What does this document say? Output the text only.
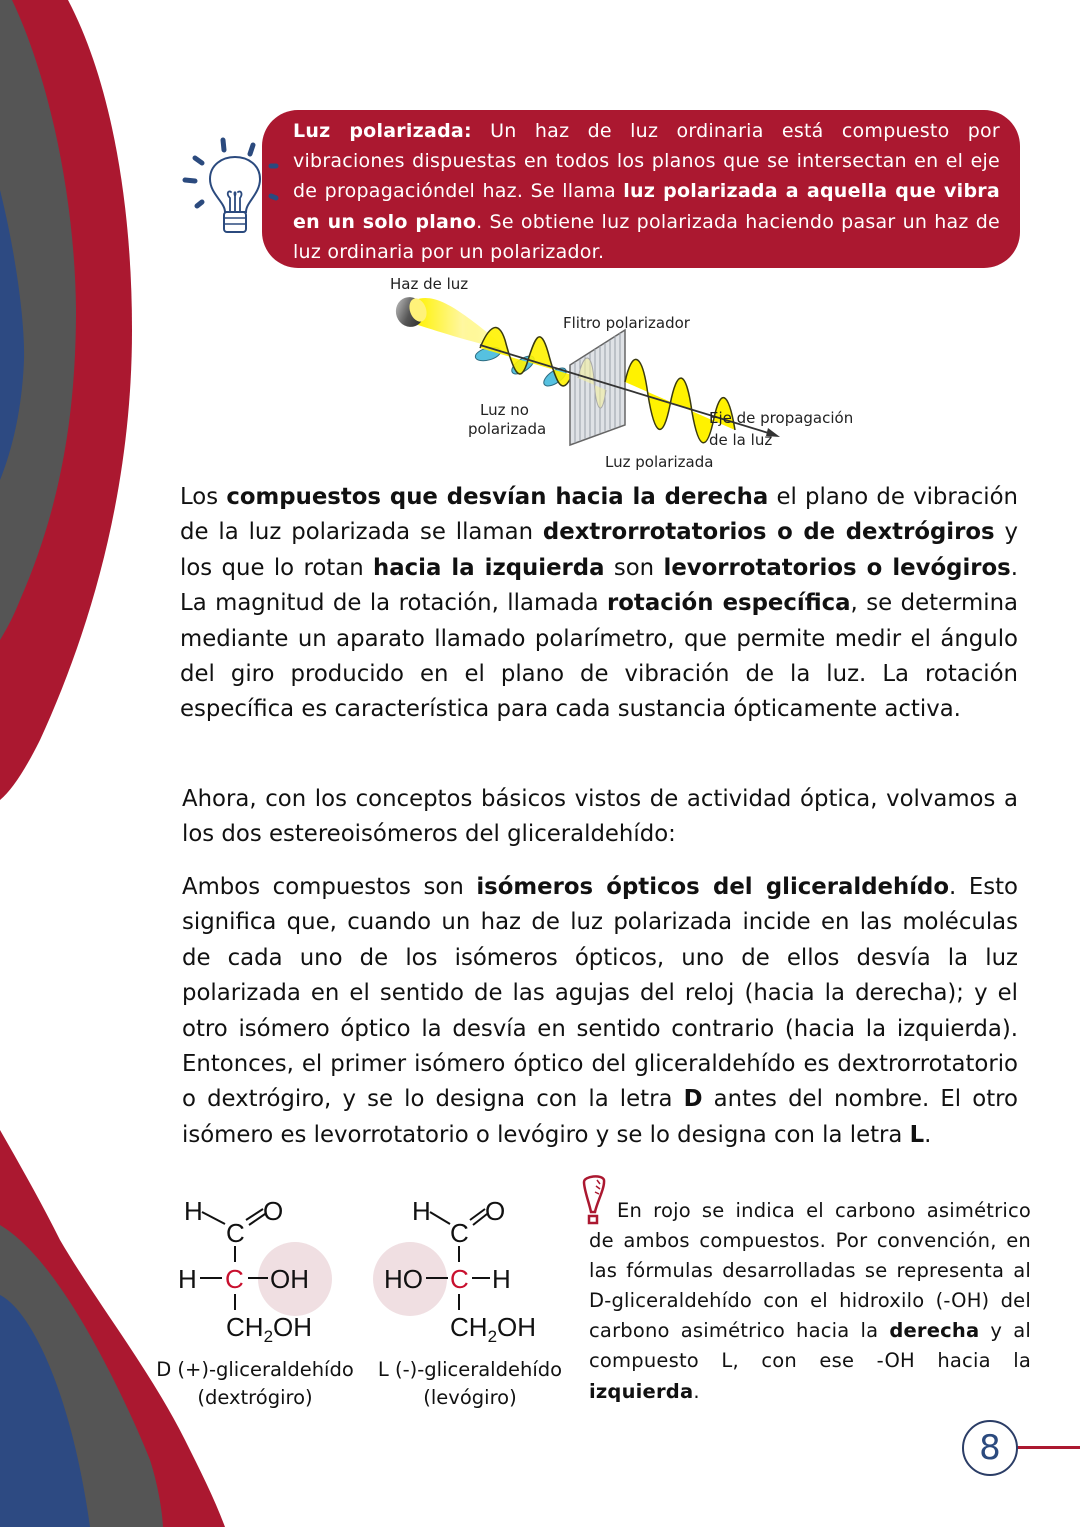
Luz polarizada: Un haz de luz ordinaria está compuesto por vibraciones dispuestas en todos los planos que se intersectan en el eje de propagacióndel haz. Se llama luz polarizada a aquella que vibra en un solo plano. Se obtiene luz polarizada haciendo pasar un haz de luz ordinaria por un polarizador.

Haz de luz
Flitro polarizador
Luz no
polarizada
Eje de propagación
de la luz
Luz polarizada

Los compuestos que desvían hacia la derecha el plano de vibración de la luz polarizada se llaman dextrorrotatorios o de dextrógiros y los que lo rotan hacia la izquierda son levorrotatorios o levógiros. La magnitud de la rotación, llamada rotación específica, se determina mediante un aparato llamado polarímetro, que permite medir el ángulo del giro producido en el plano de vibración de la luz. La rotación específica es característica para cada sustancia ópticamente activa.

Ahora, con los conceptos básicos vistos de actividad óptica, volvamos a los dos estereoisómeros del gliceraldehído:

Ambos compuestos son isómeros ópticos del gliceraldehído. Esto significa que, cuando un haz de luz polarizada incide en las moléculas de cada uno de los isómeros ópticos, uno de ellos desvía la luz polarizada en el sentido de las agujas del reloj (hacia la derecha); y el otro isómero óptico la desvía en sentido contrario (hacia la izquierda). Entonces, el primer isómero óptico del gliceraldehído es dextrorrotatorio o dextrógiro, y se lo designa con la letra D antes del nombre. El otro isómero es levorrotatorio o levógiro y se lo designa con la letra L.

H O
C
H C OH
$CH_2OH$
D (+)-gliceraldehído
(dextrógiro)
H O
C
HO C H
$CH_2OH$
L (-)-gliceraldehído
(levógiro)

En rojo se indica el carbono asimétrico de ambos compuestos. Por convención, en las fórmulas desarrolladas se representa al D-gliceraldehído con el hidroxilo (-OH) del carbono asimétrico hacia la derecha y al compuesto L, con ese -OH hacia la izquierda.

8
